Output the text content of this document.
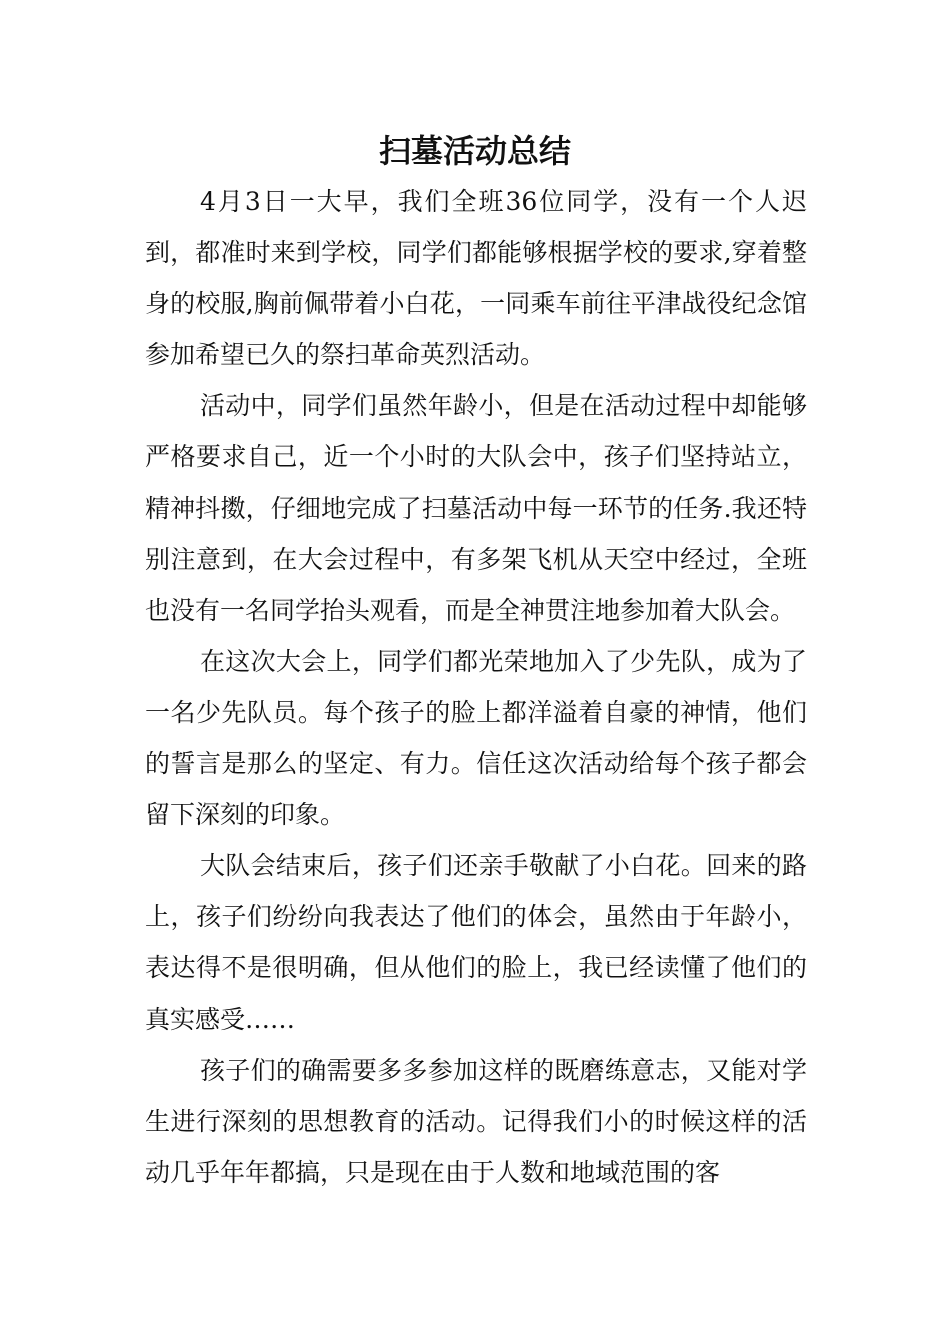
扫墓活动总结

4月3日一大早，我们全班36位同学，没有一个人迟到，都准时来到学校，同学们都能够根据学校的要求,穿着整身的校服,胸前佩带着小白花，一同乘车前往平津战役纪念馆参加希望已久的祭扫革命英烈活动。

活动中，同学们虽然年龄小，但是在活动过程中却能够严格要求自己，近一个小时的大队会中，孩子们坚持站立，精神抖擞，仔细地完成了扫墓活动中每一环节的任务.我还特别注意到，在大会过程中，有多架飞机从天空中经过，全班也没有一名同学抬头观看，而是全神贯注地参加着大队会。

在这次大会上，同学们都光荣地加入了少先队，成为了一名少先队员。每个孩子的脸上都洋溢着自豪的神情，他们的誓言是那么的坚定、有力。信任这次活动给每个孩子都会留下深刻的印象。

大队会结束后，孩子们还亲手敬献了小白花。回来的路上，孩子们纷纷向我表达了他们的体会，虽然由于年龄小，表达得不是很明确，但从他们的脸上，我已经读懂了他们的真实感受……

孩子们的确需要多多参加这样的既磨练意志，又能对学生进行深刻的思想教育的活动。记得我们小的时候这样的活动几乎年年都搞，只是现在由于人数和地域范围的客
